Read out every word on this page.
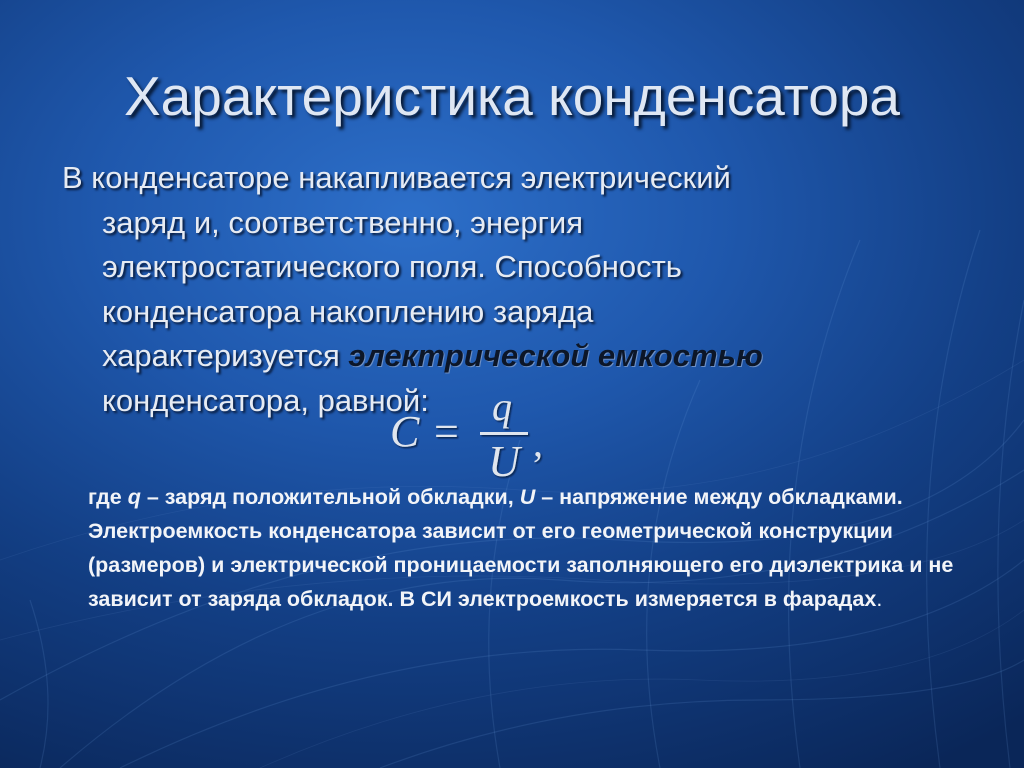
Характеристика конденсатора

В конденсаторе накапливается электрический
заряд и, соответственно, энергия
электростатического поля. Способность
конденсатора накоплению заряда
характеризуется электрической емкостью
конденсатора, равной:

C =
q
U ,

где q – заряд положительной обкладки, U – напряжение между обкладками. Электроемкость конденсатора зависит от его геометрической конструкции (размеров) и электрической проницаемости заполняющего его диэлектрика и не зависит от заряда обкладок. В СИ электроемкость измеряется в фарадах.
